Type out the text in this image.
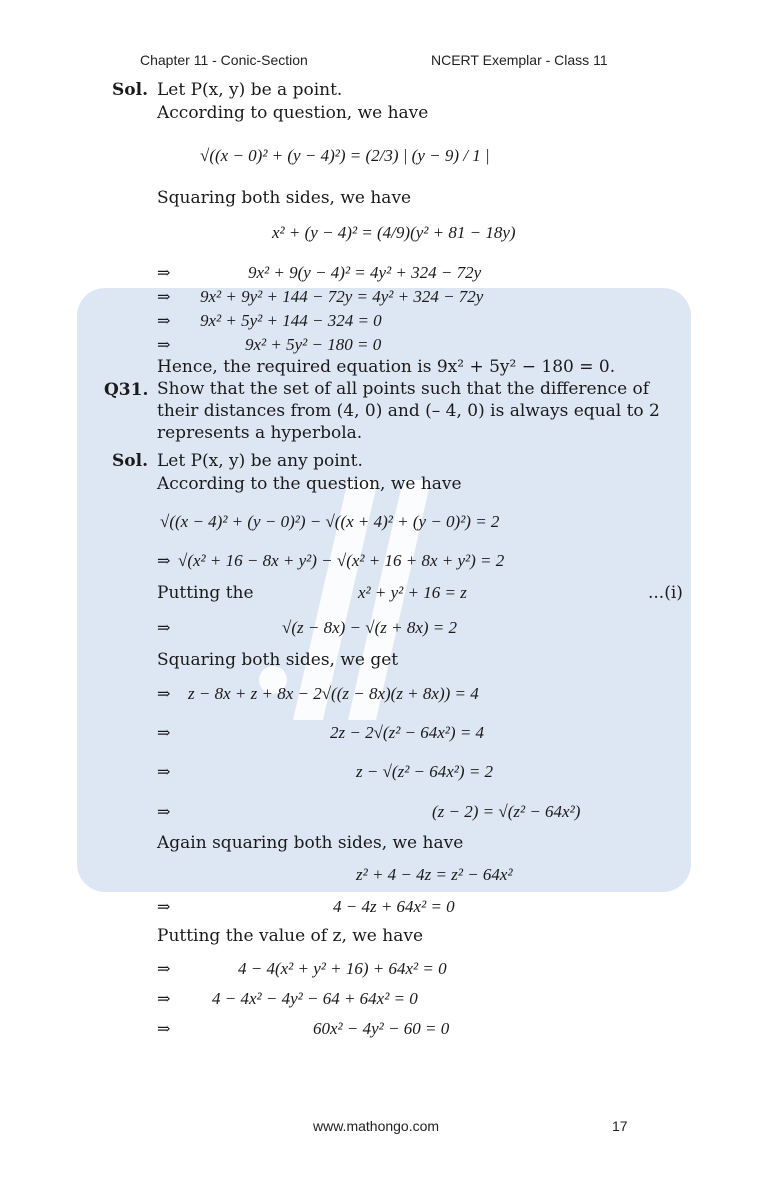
Chapter 11 - Conic-Section	NCERT Exemplar - Class 11
Sol. Let P(x, y) be a point.
According to question, we have
√((x − 0)² + (y − 4)²) = (2/3) | (y − 9) / 1 |
Squaring both sides, we have
x² + (y − 4)² = (4/9)(y² + 81 − 18y)
⇒	9x² + 9(y − 4)² = 4y² + 324 − 72y
⇒ 9x² + 9y² + 144 − 72y = 4y² + 324 − 72y
⇒ 9x² + 5y² + 144 − 324 = 0
⇒	9x² + 5y² − 180 = 0
Hence, the required equation is 9x² + 5y² − 180 = 0.
Q31. Show that the set of all points such that the difference of their distances from (4, 0) and (– 4, 0) is always equal to 2 represents a hyperbola.
Sol. Let P(x, y) be any point.
According to the question, we have
√((x − 4)² + (y − 0)²) − √((x + 4)² + (y − 0)²) = 2
⇒ √(x² + 16 − 8x + y²) − √(x² + 16 + 8x + y²) = 2
Putting the	x² + y² + 16 = z	...(i)
⇒	√(z − 8x) − √(z + 8x) = 2
Squaring both sides, we get
⇒ z − 8x + z + 8x − 2√((z − 8x)(z + 8x)) = 4
⇒	2z − 2√(z² − 64x²) = 4
⇒	z − √(z² − 64x²) = 2
⇒	(z − 2) = √(z² − 64x²)
Again squaring both sides, we have
z² + 4 − 4z = z² − 64x²
⇒	4 − 4z + 64x² = 0
Putting the value of z, we have
⇒	4 − 4(x² + y² + 16) + 64x² = 0
⇒ 4 − 4x² − 4y² − 64 + 64x² = 0
⇒	60x² − 4y² − 60 = 0
www.mathongo.com	17
